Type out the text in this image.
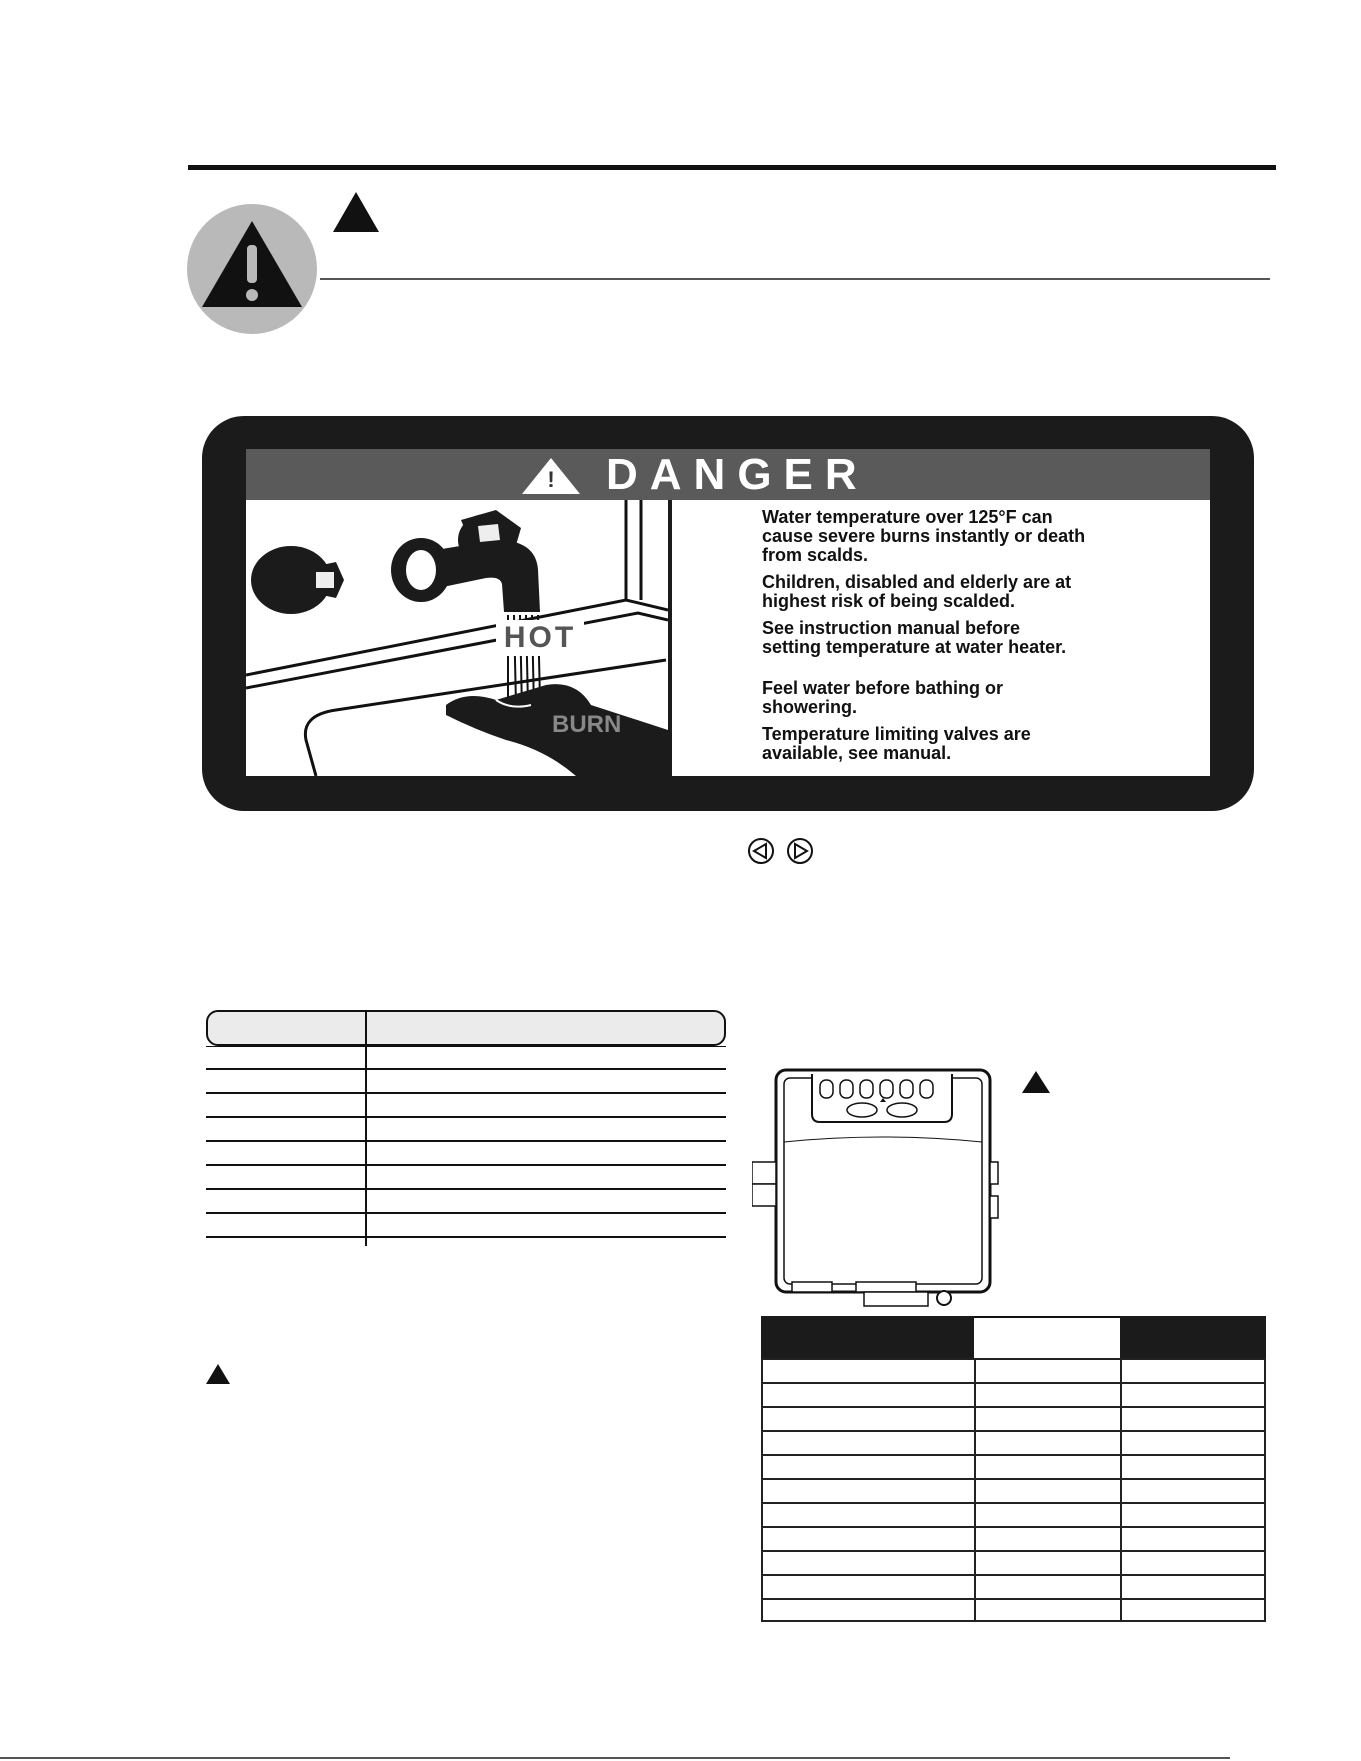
! DANGER
HOT
BURN
Water temperature over 125°F can cause severe burns instantly or death from scalds.
Children, disabled and elderly are at highest risk of being scalded.
See instruction manual before setting temperature at water heater.
Feel water before bathing or showering.
Temperature limiting valves are available, see manual.
